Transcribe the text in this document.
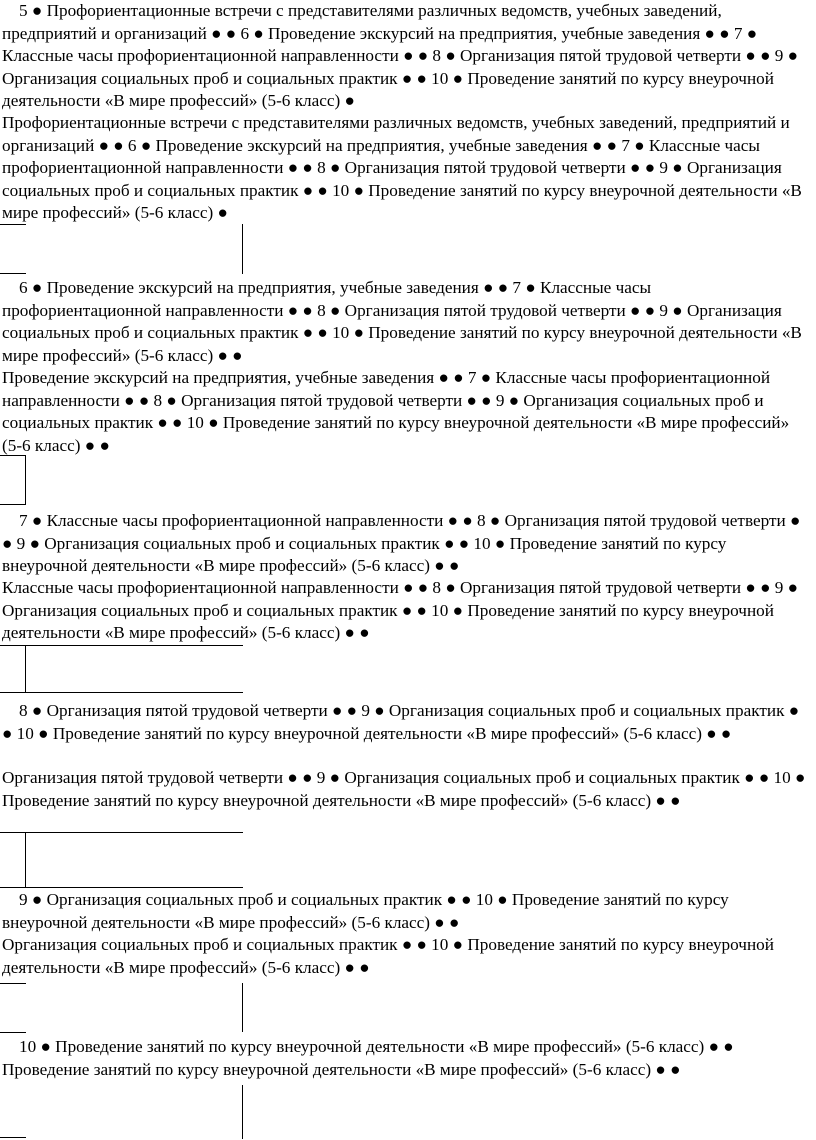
5 ● Профориентационные встречи с представителями различных ведомств, учебных заведений, предприятий и организаций ● ● 6 ● Проведение экскурсий на предприятия, учебные заведения ● ● 7 ● Классные часы профориентационной направленности ● ● 8 ● Организация пятой трудовой четверти ● ● 9 ● Организация социальных проб и социальных практик ● ● 10 ● Проведение занятий по курсу внеурочной деятельности «В мире профессий» (5-6 класс) ●

Профориентационные встречи с представителями различных ведомств, учебных заведений, предприятий и организаций ● ● 6 ● Проведение экскурсий на предприятия, учебные заведения ● ● 7 ● Классные часы профориентационной направленности ● ● 8 ● Организация пятой трудовой четверти ● ● 9 ● Организация социальных проб и социальных практик ● ● 10 ● Проведение занятий по курсу внеурочной деятельности «В мире профессий» (5-6 класс) ●

6 ● Проведение экскурсий на предприятия, учебные заведения ● ● 7 ● Классные часы профориентационной направленности ● ● 8 ● Организация пятой трудовой четверти ● ● 9 ● Организация социальных проб и социальных практик ● ● 10 ● Проведение занятий по курсу внеурочной деятельности «В мире профессий» (5-6 класс) ● ●

Проведение экскурсий на предприятия, учебные заведения ● ● 7 ● Классные часы профориентационной направленности ● ● 8 ● Организация пятой трудовой четверти ● ● 9 ● Организация социальных проб и социальных практик ● ● 10 ● Проведение занятий по курсу внеурочной деятельности «В мире профессий» (5-6 класс) ● ●

7 ● Классные часы профориентационной направленности ● ● 8 ● Организация пятой трудовой четверти ● ● 9 ● Организация социальных проб и социальных практик ● ● 10 ● Проведение занятий по курсу внеурочной деятельности «В мире профессий» (5-6 класс) ● ●

Классные часы профориентационной направленности ● ● 8 ● Организация пятой трудовой четверти ● ● 9 ● Организация социальных проб и социальных практик ● ● 10 ● Проведение занятий по курсу внеурочной деятельности «В мире профессий» (5-6 класс) ● ●

8 ● Организация пятой трудовой четверти ● ● 9 ● Организация социальных проб и социальных практик ● ● 10 ● Проведение занятий по курсу внеурочной деятельности «В мире профессий» (5-6 класс) ● ●

Организация пятой трудовой четверти ● ● 9 ● Организация социальных проб и социальных практик ● ● 10 ● Проведение занятий по курсу внеурочной деятельности «В мире профессий» (5-6 класс) ● ●

9 ● Организация социальных проб и социальных практик ● ● 10 ● Проведение занятий по курсу внеурочной деятельности «В мире профессий» (5-6 класс) ● ●

Организация социальных проб и социальных практик ● ● 10 ● Проведение занятий по курсу внеурочной деятельности «В мире профессий» (5-6 класс) ● ●

10 ● Проведение занятий по курсу внеурочной деятельности «В мире профессий» (5-6 класс) ● ●

Проведение занятий по курсу внеурочной деятельности «В мире профессий» (5-6 класс) ● ●
